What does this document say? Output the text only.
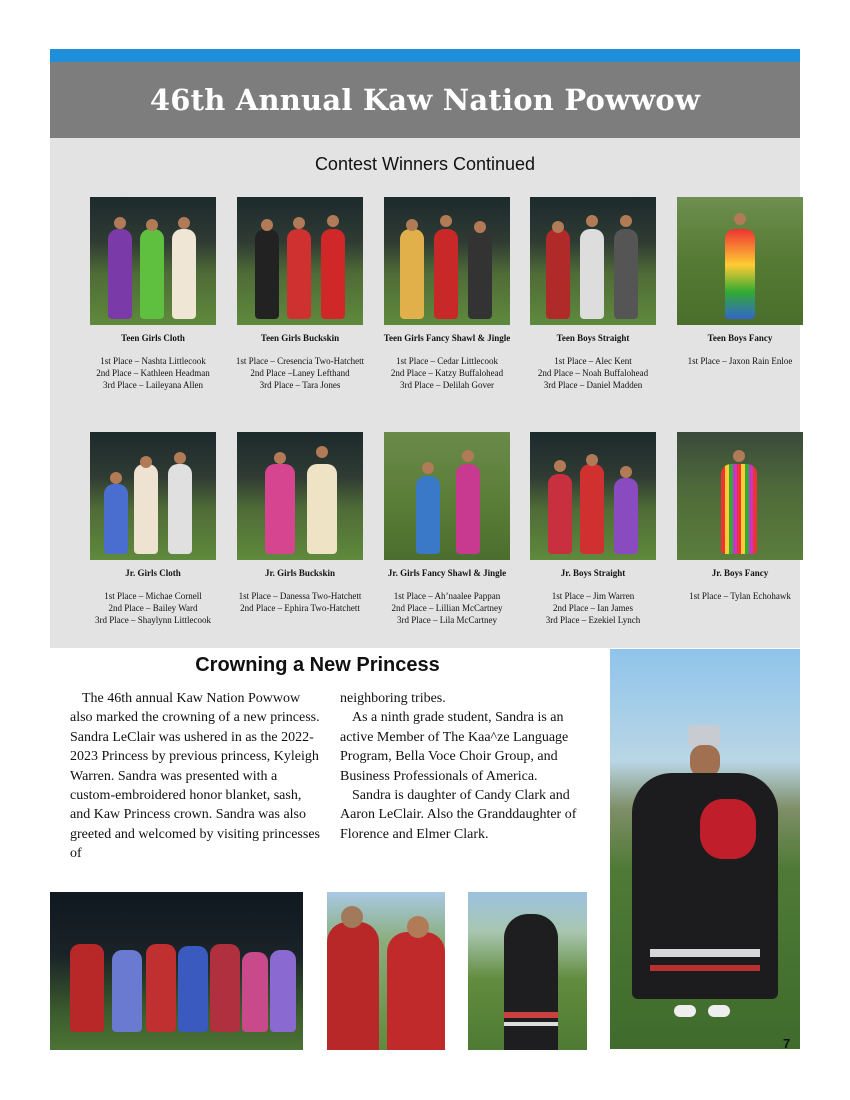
46th Annual Kaw Nation Powwow
Contest Winners Continued
Teen Girls Cloth
1st Place – Nashta Littlecook
2nd Place – Kathleen Headman
3rd Place – Laileyana Allen
Teen Girls Buckskin
1st Place – Cresencia Two-Hatchett
2nd Place –Laney Lefthand
3rd Place – Tara Jones
Teen Girls Fancy Shawl & Jingle
1st Place – Cedar Littlecook
2nd Place – Katzy Buffalohead
3rd Place – Delilah Gover
Teen Boys Straight
1st Place – Alec Kent
2nd Place – Noah Buffalohead
3rd Place – Daniel Madden
Teen Boys Fancy
1st Place – Jaxon Rain Enloe
Jr. Girls Cloth
1st Place – Michae Cornell
2nd Place – Bailey Ward
3rd Place – Shaylynn Littlecook
Jr. Girls Buckskin
1st Place – Danessa Two-Hatchett
2nd Place – Ephira Two-Hatchett
Jr. Girls Fancy Shawl & Jingle
1st Place – Ah’naalee Pappan
2nd Place – Lillian McCartney
3rd Place – Lila McCartney
Jr. Boys Straight
1st Place – Jim Warren
2nd Place – Ian James
3rd Place – Ezekiel Lynch
Jr. Boys Fancy
1st Place – Tylan Echohawk
Crowning a New Princess

The 46th annual Kaw Nation Powwow also marked the crowning of a new princess. Sandra LeClair was ushered in as the 2022-2023 Princess by previous princess, Kyleigh Warren. Sandra was presented with a custom-embroidered honor blanket, sash, and Kaw Princess crown. Sandra was also greeted and welcomed by visiting princesses of

neighboring tribes.

As a ninth grade student, Sandra is an active Member of The Kaa^ze Language Program, Bella Voce Choir Group, and Business Professionals of America.

Sandra is daughter of Candy Clark and Aaron LeClair. Also the Granddaughter of Florence and Elmer Clark.

7
